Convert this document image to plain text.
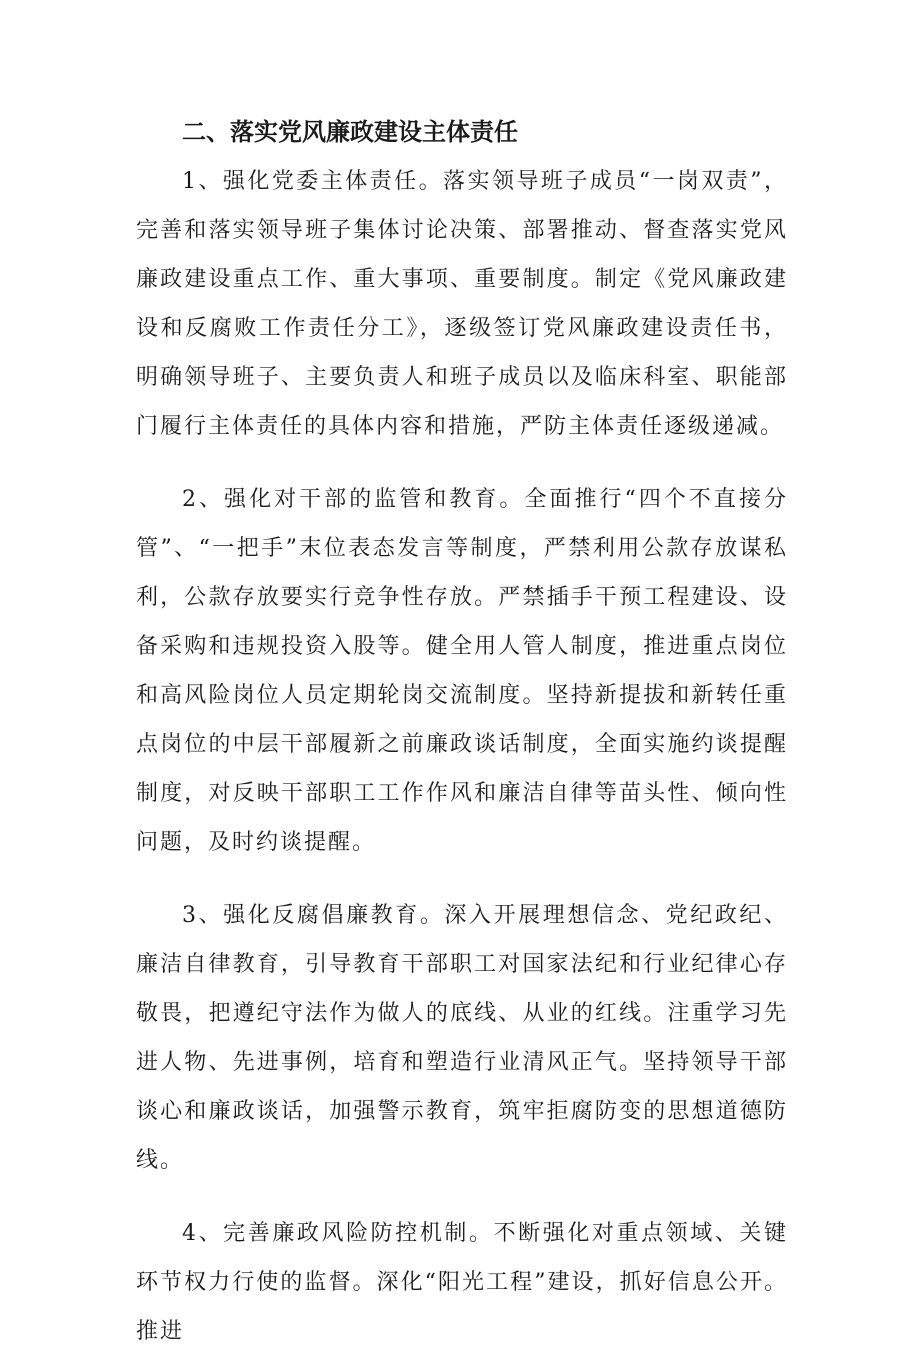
二、落实党风廉政建设主体责任

1、强化党委主体责任。落实领导班子成员“一岗双责”，完善和落实领导班子集体讨论决策、部署推动、督查落实党风廉政建设重点工作、重大事项、重要制度。制定《党风廉政建设和反腐败工作责任分工》，逐级签订党风廉政建设责任书，明确领导班子、主要负责人和班子成员以及临床科室、职能部门履行主体责任的具体内容和措施，严防主体责任逐级递减。

2、强化对干部的监管和教育。全面推行“四个不直接分管”、“一把手”末位表态发言等制度，严禁利用公款存放谋私利，公款存放要实行竞争性存放。严禁插手干预工程建设、设备采购和违规投资入股等。健全用人管人制度，推进重点岗位和高风险岗位人员定期轮岗交流制度。坚持新提拔和新转任重点岗位的中层干部履新之前廉政谈话制度，全面实施约谈提醒制度，对反映干部职工工作作风和廉洁自律等苗头性、倾向性问题，及时约谈提醒。

3、强化反腐倡廉教育。深入开展理想信念、党纪政纪、廉洁自律教育，引导教育干部职工对国家法纪和行业纪律心存敬畏，把遵纪守法作为做人的底线、从业的红线。注重学习先进人物、先进事例，培育和塑造行业清风正气。坚持领导干部谈心和廉政谈话，加强警示教育，筑牢拒腐防变的思想道德防线。

4、完善廉政风险防控机制。不断强化对重点领域、关键环节权力行使的监督。深化“阳光工程”建设，抓好信息公开。推进
